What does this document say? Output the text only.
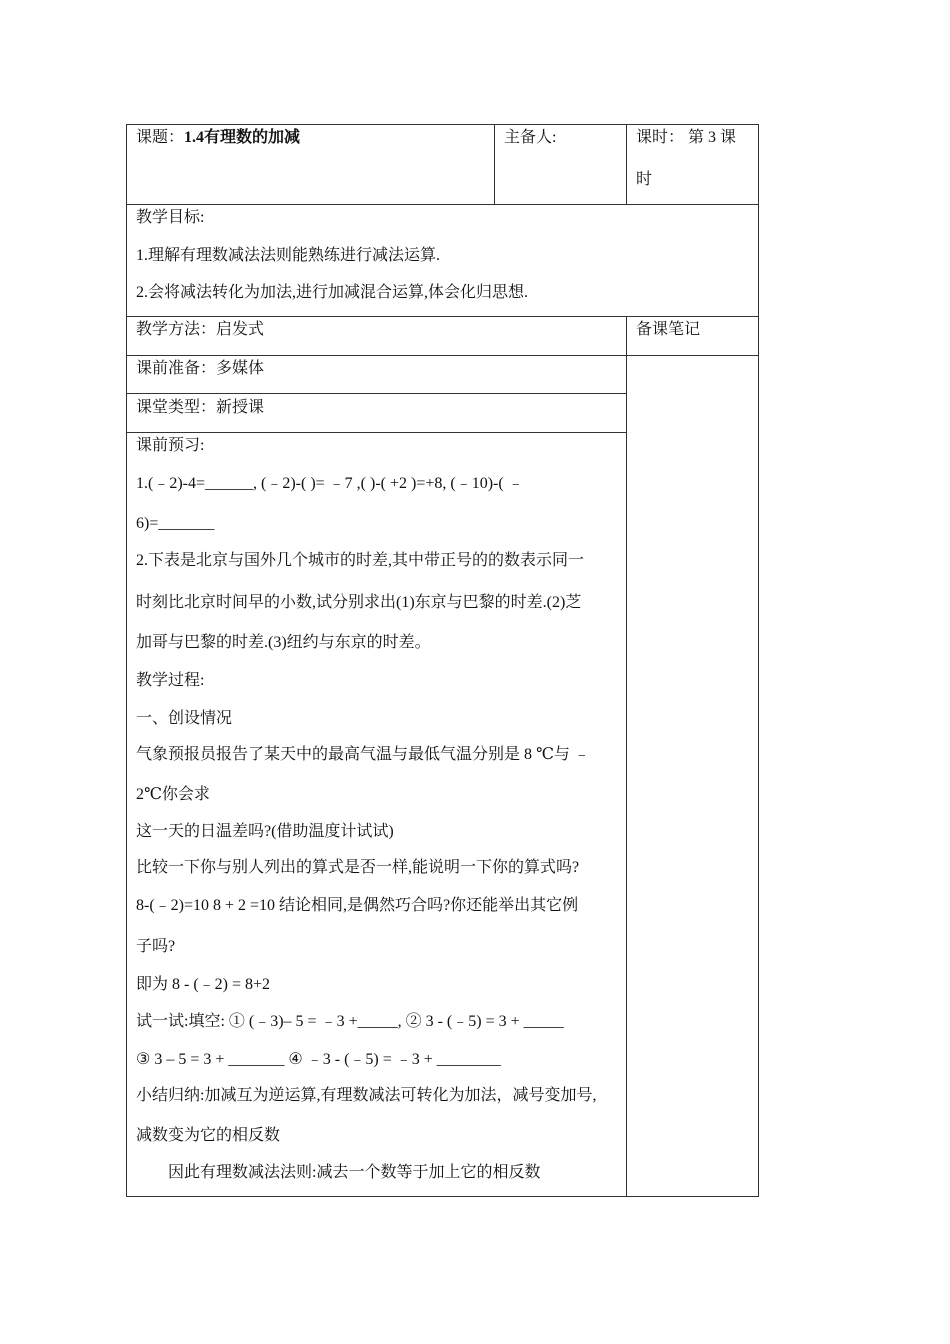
课题：1.4有理数的加减	主备人:	课时： 第 3 课
时
教学目标:
1.理解有理数减法法则能熟练进行减法运算.
2.会将减法转化为加法,进行加减混合运算,体会化归思想.
教学方法：启发式	备课笔记
课前准备：多媒体
课堂类型：新授课
课前预习:
1.(﹣2)-4=______, (﹣2)-( )= ﹣7 ,( )-( +2 )=+8, (﹣10)-( ﹣
6)=_______
2.下表是北京与国外几个城市的时差,其中带正号的的数表示同一
时刻比北京时间早的小数,试分别求出(1)东京与巴黎的时差.(2)芝
加哥与巴黎的时差.(3)纽约与东京的时差。
教学过程:
一、创设情况
气象预报员报告了某天中的最高气温与最低气温分别是 8 ℃与 ﹣
2℃你会求
这一天的日温差吗?(借助温度计试试)
比较一下你与别人列出的算式是否一样,能说明一下你的算式吗?
8-(﹣2)=10 8 + 2 =10 结论相同,是偶然巧合吗?你还能举出其它例
子吗?
即为 8 - (﹣2) = 8+2
试一试:填空: ① (﹣3)– 5 = ﹣3 +_____, ② 3 - (﹣5) = 3 + _____
③ 3 – 5 = 3 + _______ ④ ﹣3 - (﹣5) = ﹣3 + ________
小结归纳:加减互为逆运算,有理数减法可转化为加法，减号变加号,
减数变为它的相反数
因此有理数减法法则:减去一个数等于加上它的相反数
